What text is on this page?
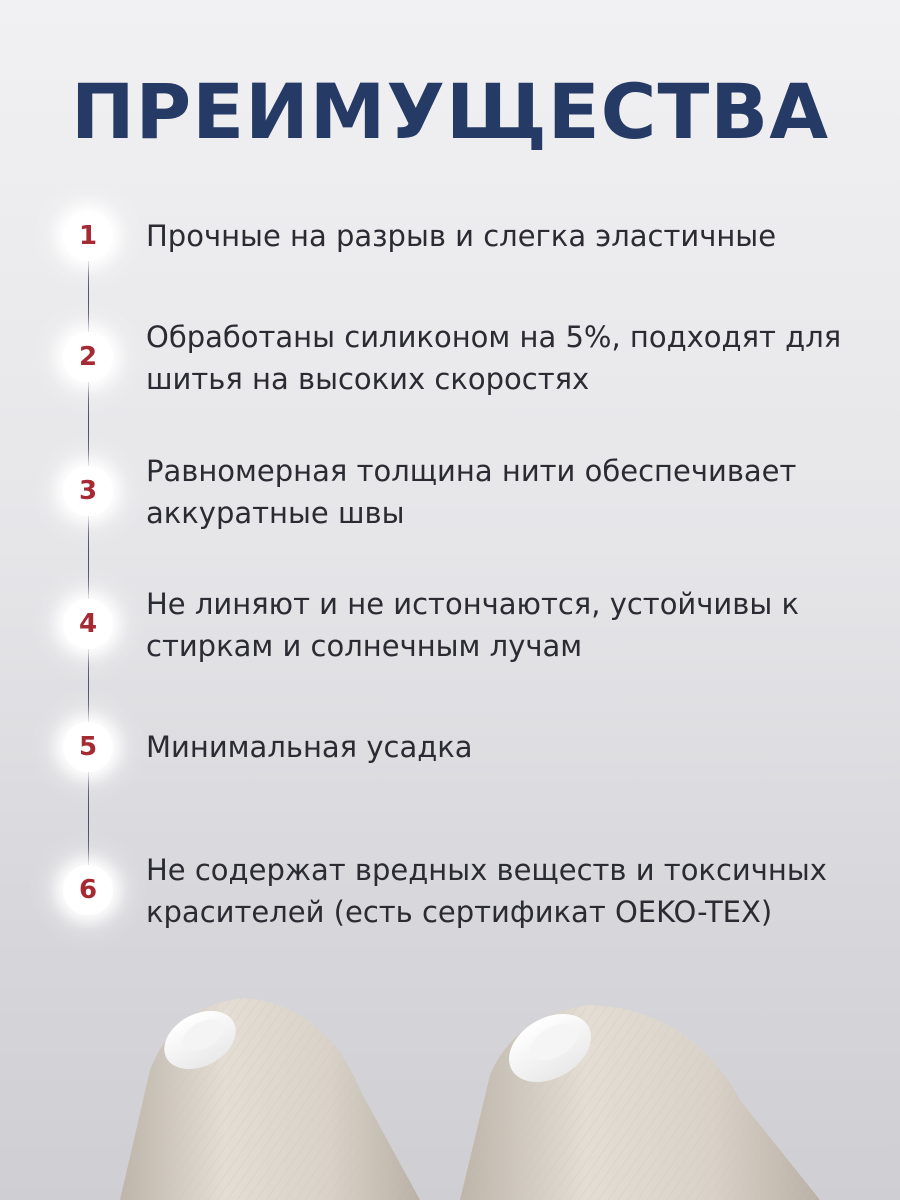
ПРЕИМУЩЕСТВА
1	Прочные на разрыв и слегка эластичные

2

Обработаны силиконом на 5%, подходят для шитья на высоких скоростях

3

Равномерная толщина нити обеспечивает аккуратные швы

4

Не линяют и не истончаются, устойчивы к стиркам и солнечным лучам

5	Минимальная усадка

6

Не содержат вредных веществ и токсичных красителей (есть сертификат OEKO-TEX)
